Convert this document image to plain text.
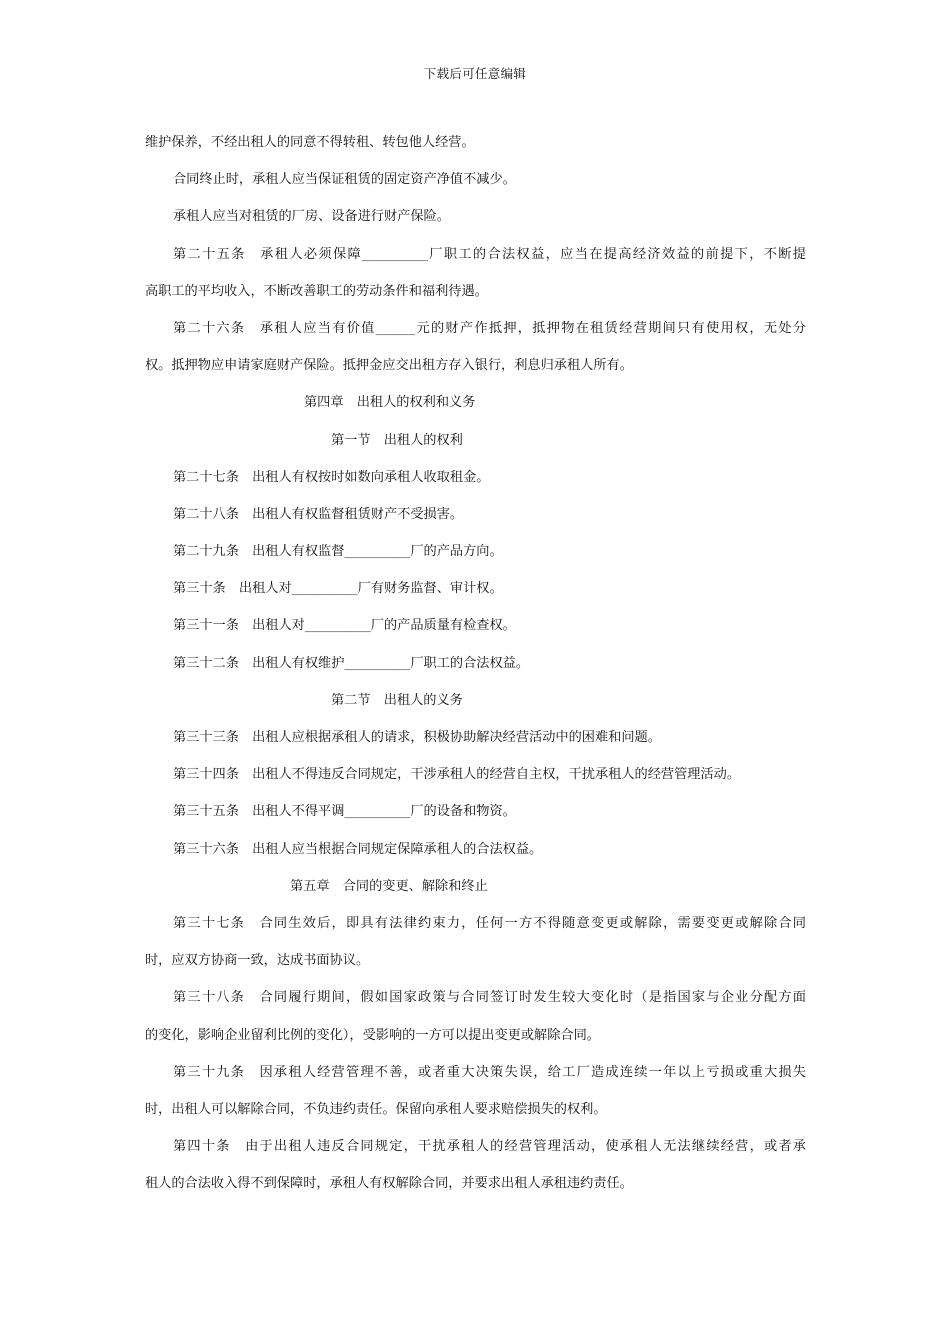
下载后可任意编辑
维护保养，不经出租人的同意不得转租、转包他人经营。
合同终止时，承租人应当保证租赁的固定资产净值不减少。
承租人应当对租赁的厂房、设备进行财产保险。
第二十五条　承租人必须保障__________厂职工的合法权益，应当在提高经济效益的前提下，不断提
高职工的平均收入，不断改善职工的劳动条件和福利待遇。
第二十六条　承租人应当有价值______元的财产作抵押，抵押物在租赁经营期间只有使用权，无处分
权。抵押物应申请家庭财产保险。抵押金应交出租方存入银行，利息归承租人所有。
第四章　出租人的权利和义务
第一节　出租人的权利
第二十七条　出租人有权按时如数向承租人收取租金。
第二十八条　出租人有权监督租赁财产不受损害。
第二十九条　出租人有权监督__________厂的产品方向。
第三十条　出租人对__________厂有财务监督、审计权。
第三十一条　出租人对__________厂的产品质量有检查权。
第三十二条　出租人有权维护__________厂职工的合法权益。
第二节　出租人的义务
第三十三条　出租人应根据承租人的请求，积极协助解决经营活动中的困难和问题。
第三十四条　出租人不得违反合同规定，干涉承租人的经营自主权，干扰承租人的经营管理活动。
第三十五条　出租人不得平调__________厂的设备和物资。
第三十六条　出租人应当根据合同规定保障承租人的合法权益。
第五章　合同的变更、解除和终止
第三十七条　合同生效后，即具有法律约束力，任何一方不得随意变更或解除，需要变更或解除合同
时，应双方协商一致，达成书面协议。
第三十八条　合同履行期间，假如国家政策与合同签订时发生较大变化时（是指国家与企业分配方面
的变化，影响企业留利比例的变化），受影响的一方可以提出变更或解除合同。
第三十九条　因承租人经营管理不善，或者重大决策失误，给工厂造成连续一年以上亏损或重大损失
时，出租人可以解除合同，不负违约责任。保留向承租人要求赔偿损失的权利。
第四十条　由于出租人违反合同规定，干扰承租人的经营管理活动，使承租人无法继续经营，或者承
租人的合法收入得不到保障时，承租人有权解除合同，并要求出租人承租违约责任。
